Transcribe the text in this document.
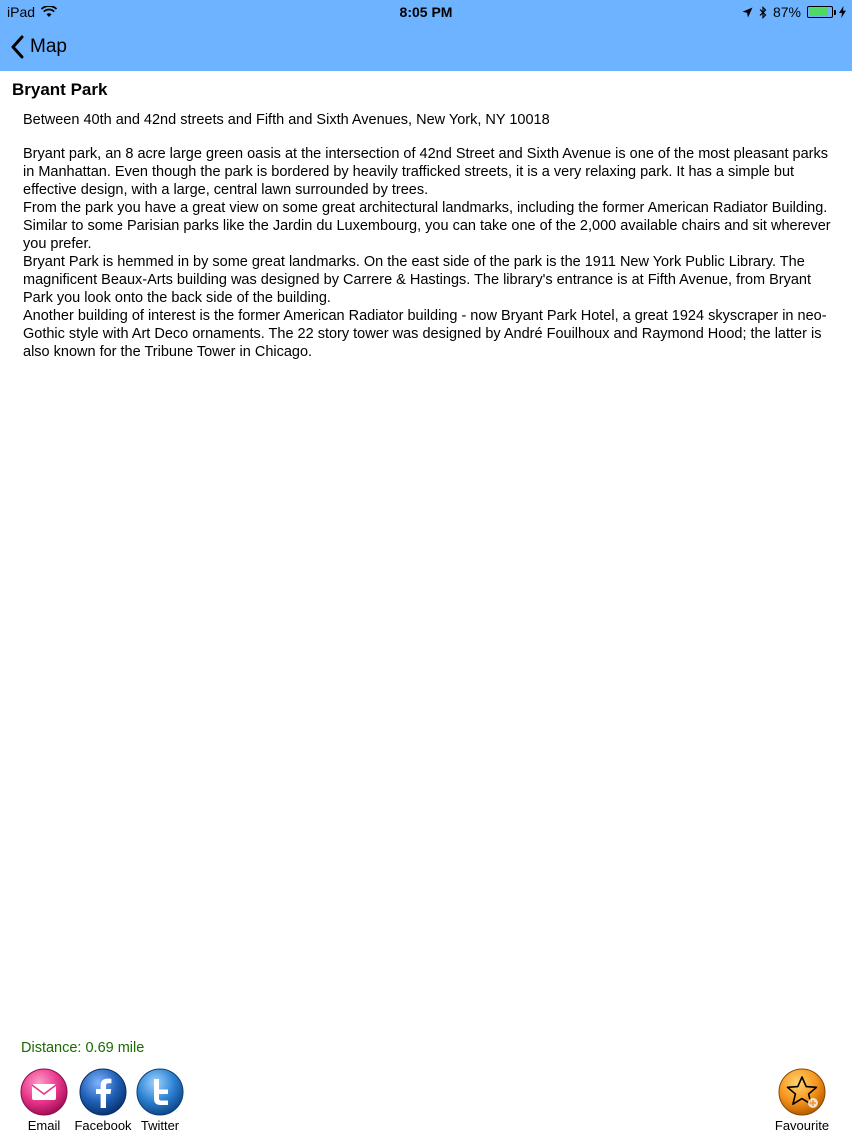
iPad	8:05 PM	87%
Map
Bryant Park
Between 40th and 42nd streets and Fifth and Sixth Avenues, New York, NY 10018

Bryant park, an 8 acre large green oasis at the intersection of 42nd Street and Sixth Avenue is one of the most pleasant parks in Manhattan. Even though the park is bordered by heavily trafficked streets, it is a very relaxing park. It has a simple but effective design, with a large, central lawn surrounded by trees.

From the park you have a great view on some great architectural landmarks, including the former American Radiator Building. Similar to some Parisian parks like the Jardin du Luxembourg, you can take one of the 2,000 available chairs and sit wherever you prefer.

Bryant Park is hemmed in by some great landmarks. On the east side of the park is the 1911 New York Public Library. The magnificent Beaux-Arts building was designed by Carrere & Hastings. The library's entrance is at Fifth Avenue, from Bryant Park you look onto the back side of the building.

Another building of interest is the former American Radiator building - now Bryant Park Hotel, a great 1924 skyscraper in neo-Gothic style with Art Deco ornaments. The 22 story tower was designed by André Fouilhoux and Raymond Hood; the latter is also known for the Tribune Tower in Chicago.

Distance: 0.69 mile
Email	Facebook Twitter	Favourite
